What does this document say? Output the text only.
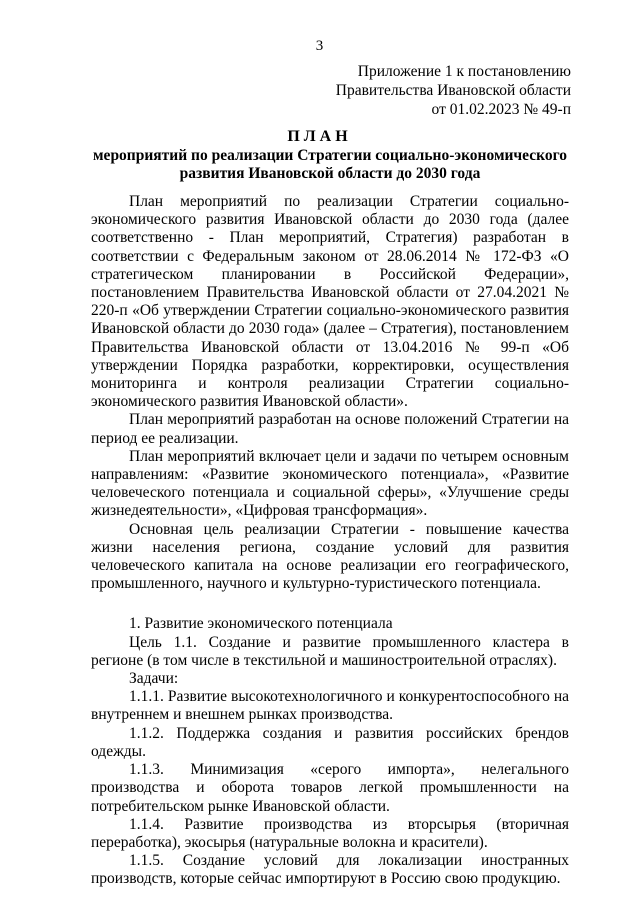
3
Приложение 1 к постановлению
Правительства Ивановской области
от 01.02.2023 № 49-п
ПЛАН
мероприятий по реализации Стратегии социально-экономического развития Ивановской области до 2030 года

План мероприятий по реализации Стратегии социально-экономического развития Ивановской области до 2030 года (далее соответственно - План мероприятий, Стратегия) разработан в соответствии с Федеральным законом от 28.06.2014 № 172-ФЗ «О стратегическом планировании в Российской Федерации», постановлением Правительства Ивановской области от 27.04.2021 № 220-п «Об утверждении Стратегии социально-экономического развития Ивановской области до 2030 года» (далее – Стратегия), постановлением Правительства Ивановской области от 13.04.2016 № 99-п «Об утверждении Порядка разработки, корректировки, осуществления мониторинга и контроля реализации Стратегии социально-экономического развития Ивановской области».

План мероприятий разработан на основе положений Стратегии на период ее реализации.

План мероприятий включает цели и задачи по четырем основным направлениям: «Развитие экономического потенциала», «Развитие человеческого потенциала и социальной сферы», «Улучшение среды жизнедеятельности», «Цифровая трансформация».

Основная цель реализации Стратегии - повышение качества жизни населения региона, создание условий для развития человеческого капитала на основе реализации его географического, промышленного, научного и культурно-туристического потенциала.

1. Развитие экономического потенциала

Цель 1.1. Создание и развитие промышленного кластера в регионе (в том числе в текстильной и машиностроительной отраслях).

Задачи:

1.1.1. Развитие высокотехнологичного и конкурентоспособного на внутреннем и внешнем рынках производства.

1.1.2. Поддержка создания и развития российских брендов одежды.

1.1.3. Минимизация «серого импорта», нелегального производства и оборота товаров легкой промышленности на потребительском рынке Ивановской области.

1.1.4. Развитие производства из вторсырья (вторичная переработка), экосырья (натуральные волокна и красители).

1.1.5. Создание условий для локализации иностранных производств, которые сейчас импортируют в Россию свою продукцию.
